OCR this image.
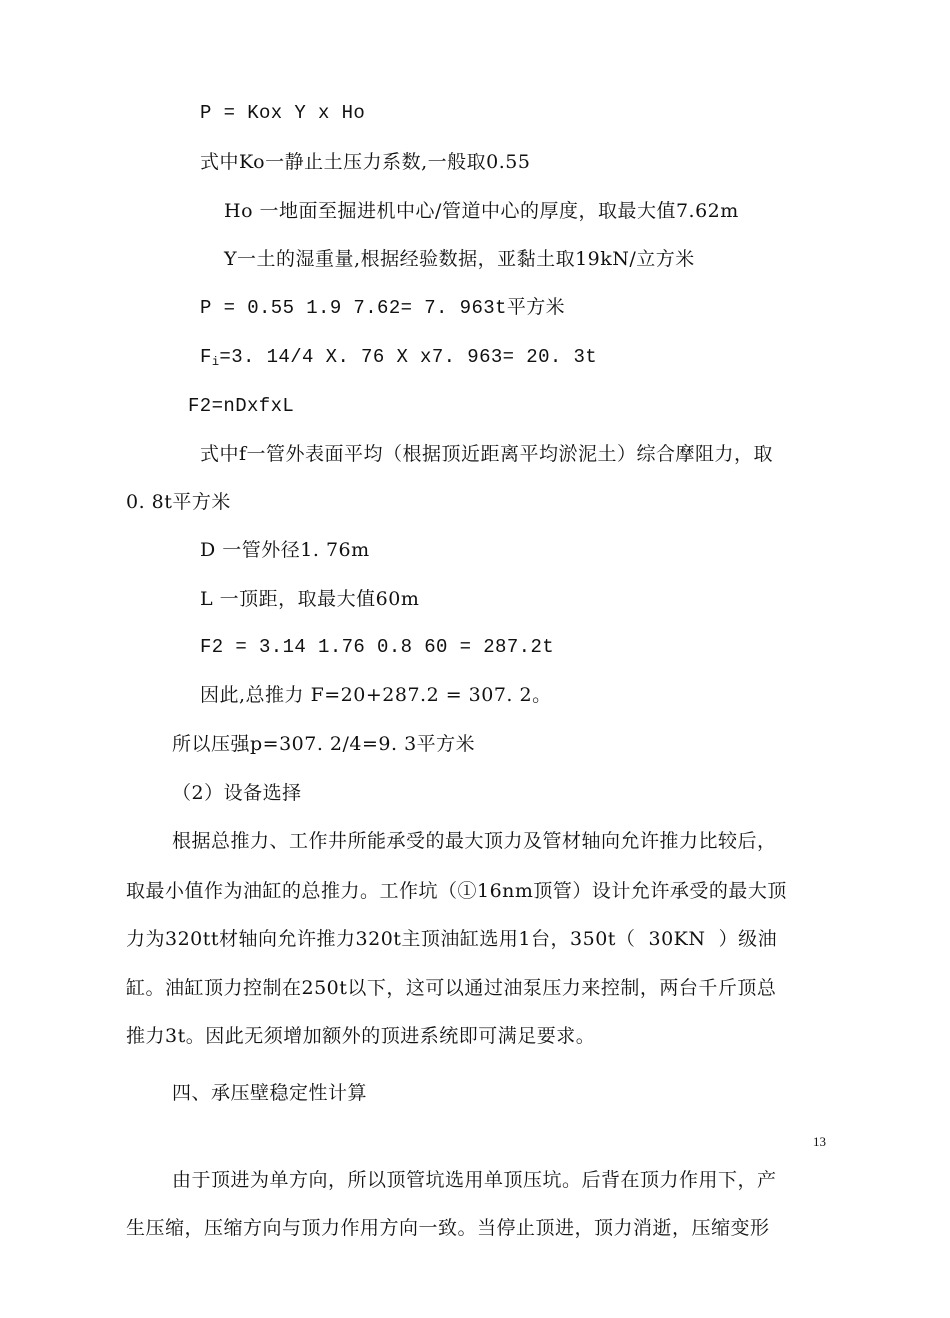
P = Kox Y x Ho
式中Ko一静止土压力系数,一般取0.55
Ho 一地面至掘进机中心/管道中心的厚度，取最大值7.62m
Y一土的湿重量,根据经验数据，亚黏土取19kN/立方米
P = 0.55 1.9 7.62= 7. 963t平方米
$F_i=3$. 14/4 X. 76 X x7. 963= 20. 3t
F2=nDxfxL
式中f一管外表面平均（根据顶近距离平均淤泥土）综合摩阻力，取
0. 8t平方米
D 一管外径1. 76m
L 一顶距，取最大值60m
F2 = 3.14 1.76 0.8 60 = 287.2t
因此,总推力 F=20+287.2 = 307. 2。
所以压强p=307. 2/4=9. 3平方米
（2）设备选择
根据总推力、工作井所能承受的最大顶力及管材轴向允许推力比较后，
取最小值作为油缸的总推力。工作坑（①16nm顶管）设计允许承受的最大顶
力为320tt材轴向允许推力320t主顶油缸选用1台，350t（  30KN  ）级油
缸。油缸顶力控制在250t以下，这可以通过油泵压力来控制，两台千斤顶总
推力3t。因此无须增加额外的顶进系统即可满足要求。
四、承压壁稳定性计算
13
由于顶进为单方向，所以顶管坑选用单顶压坑。后背在顶力作用下，产
生压缩，压缩方向与顶力作用方向一致。当停止顶进，顶力消逝，压缩变形
